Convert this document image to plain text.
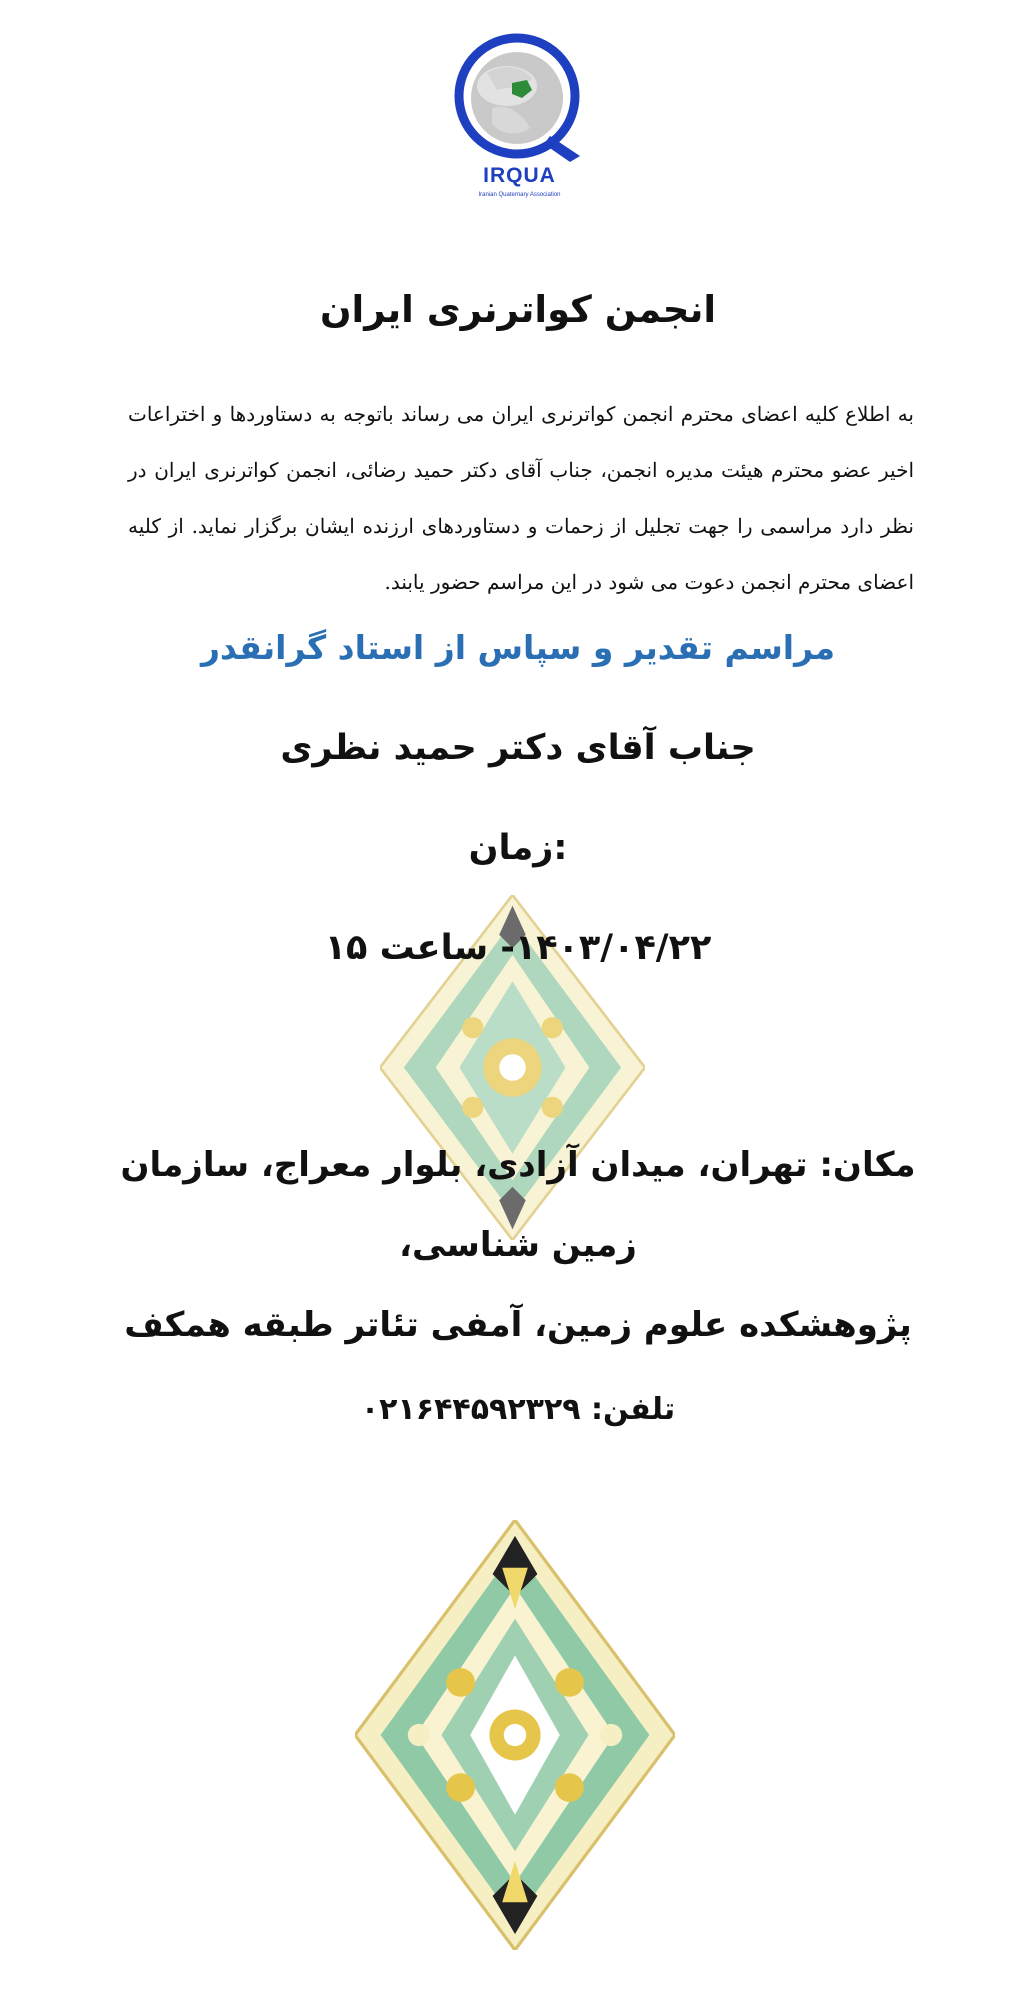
IRQUA
Iranian Quaternary Association
انجمن کواترنری ایران
به اطلاع کلیه اعضای محترم انجمن کواترنری ایران می رساند باتوجه به دستاوردها و اختراعات اخیر عضو محترم هیئت مدیره انجمن، جناب آقای دکتر حمید رضائی، انجمن کواترنری ایران در نظر دارد مراسمی را جهت تجلیل از زحمات و دستاوردهای ارزنده ایشان برگزار نماید. از کلیه اعضای محترم انجمن دعوت می شود در این مراسم حضور یابند.
مراسم تقدیر و سپاس از استاد گرانقدر
جناب آقای دکتر حمید نظری
زمان:
۱۴۰۳/۰۴/۲۲- ساعت ۱۵
مکان: تهران، میدان آزادی، بلوار معراج، سازمان زمین شناسی،
پژوهشکده علوم زمین، آمفی تئاتر طبقه همکف
تلفن: ۰۲۱۶۴۴۵۹۲۳۲۹
